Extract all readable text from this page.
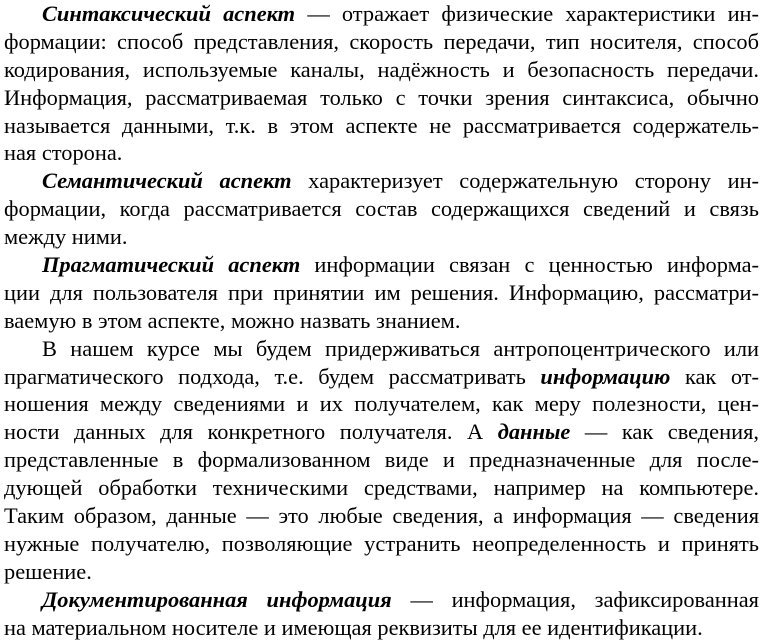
Синтаксический аспект — отражает физические характеристики ин-
формации: способ представления, скорость передачи, тип носителя, способ
кодирования, используемые каналы, надёжность и безопасность передачи.
Информация, рассматриваемая только с точки зрения синтаксиса, обычно
называется данными, т.к. в этом аспекте не рассматривается содержатель-
ная сторона.
Семантический аспект характеризует содержательную сторону ин-
формации, когда рассматривается состав содержащихся сведений и связь
между ними.
Прагматический аспект информации связан с ценностью информа-
ции для пользователя при принятии им решения. Информацию, рассматри-
ваемую в этом аспекте, можно назвать знанием.
В нашем курсе мы будем придерживаться антропоцентрического или
прагматического подхода, т.е. будем рассматривать информацию как от-
ношения между сведениями и их получателем, как меру полезности, цен-
ности данных для конкретного получателя. А данные — как сведения,
представленные в формализованном виде и предназначенные для после-
дующей обработки техническими средствами, например на компьютере.
Таким образом, данные — это любые сведения, а информация — сведения
нужные получателю, позволяющие устранить неопределенность и принять
решение.
Документированная информация — информация, зафиксированная
на материальном носителе и имеющая реквизиты для ее идентификации.
